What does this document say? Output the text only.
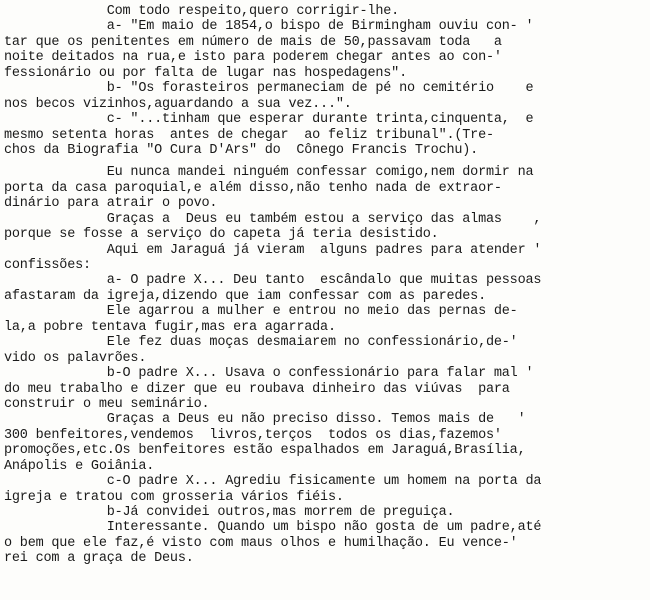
Com todo respeito,quero corrigir-lhe.
a- "Em maio de 1854,o bispo de Birmingham ouviu con- '
tar que os penitentes em número de mais de 50,passavam toda   a
noite deitados na rua,e isto para poderem chegar antes ao con-'
fessionário ou por falta de lugar nas hospedagens".
b- "Os forasteiros permaneciam de pé no cemitério    e
nos becos vizinhos,aguardando a sua vez...".
c- "...tinham que esperar durante trinta,cinquenta,  e
mesmo setenta horas  antes de chegar  ao feliz tribunal".(Tre-
chos da Biografia "O Cura D'Ars" do  Cônego Francis Trochu).
Eu nunca mandei ninguém confessar comigo,nem dormir na
porta da casa paroquial,e além disso,não tenho nada de extraor-
dinário para atrair o povo.
Graças a  Deus eu também estou a serviço das almas    ,
porque se fosse a serviço do capeta já teria desistido.
Aqui em Jaraguá já vieram  alguns padres para atender '
confissões:
a- O padre X... Deu tanto  escândalo que muitas pessoas
afastaram da igreja,dizendo que iam confessar com as paredes.
Ele agarrou a mulher e entrou no meio das pernas de-
la,a pobre tentava fugir,mas era agarrada.
Ele fez duas moças desmaiarem no confessionário,de-'
vido os palavrões.
b-O padre X... Usava o confessionário para falar mal '
do meu trabalho e dizer que eu roubava dinheiro das viúvas  para
construir o meu seminário.
Graças a Deus eu não preciso disso. Temos mais de   '
300 benfeitores,vendemos  livros,terços  todos os dias,fazemos'
promoções,etc.Os benfeitores estão espalhados em Jaraguá,Brasília,
Anápolis e Goiânia.
c-O padre X... Agrediu fisicamente um homem na porta da
igreja e tratou com grosseria vários fiéis.
b-Já convidei outros,mas morrem de preguiça.
Interessante. Quando um bispo não gosta de um padre,até
o bem que ele faz,é visto com maus olhos e humilhação. Eu vence-'
rei com a graça de Deus.
